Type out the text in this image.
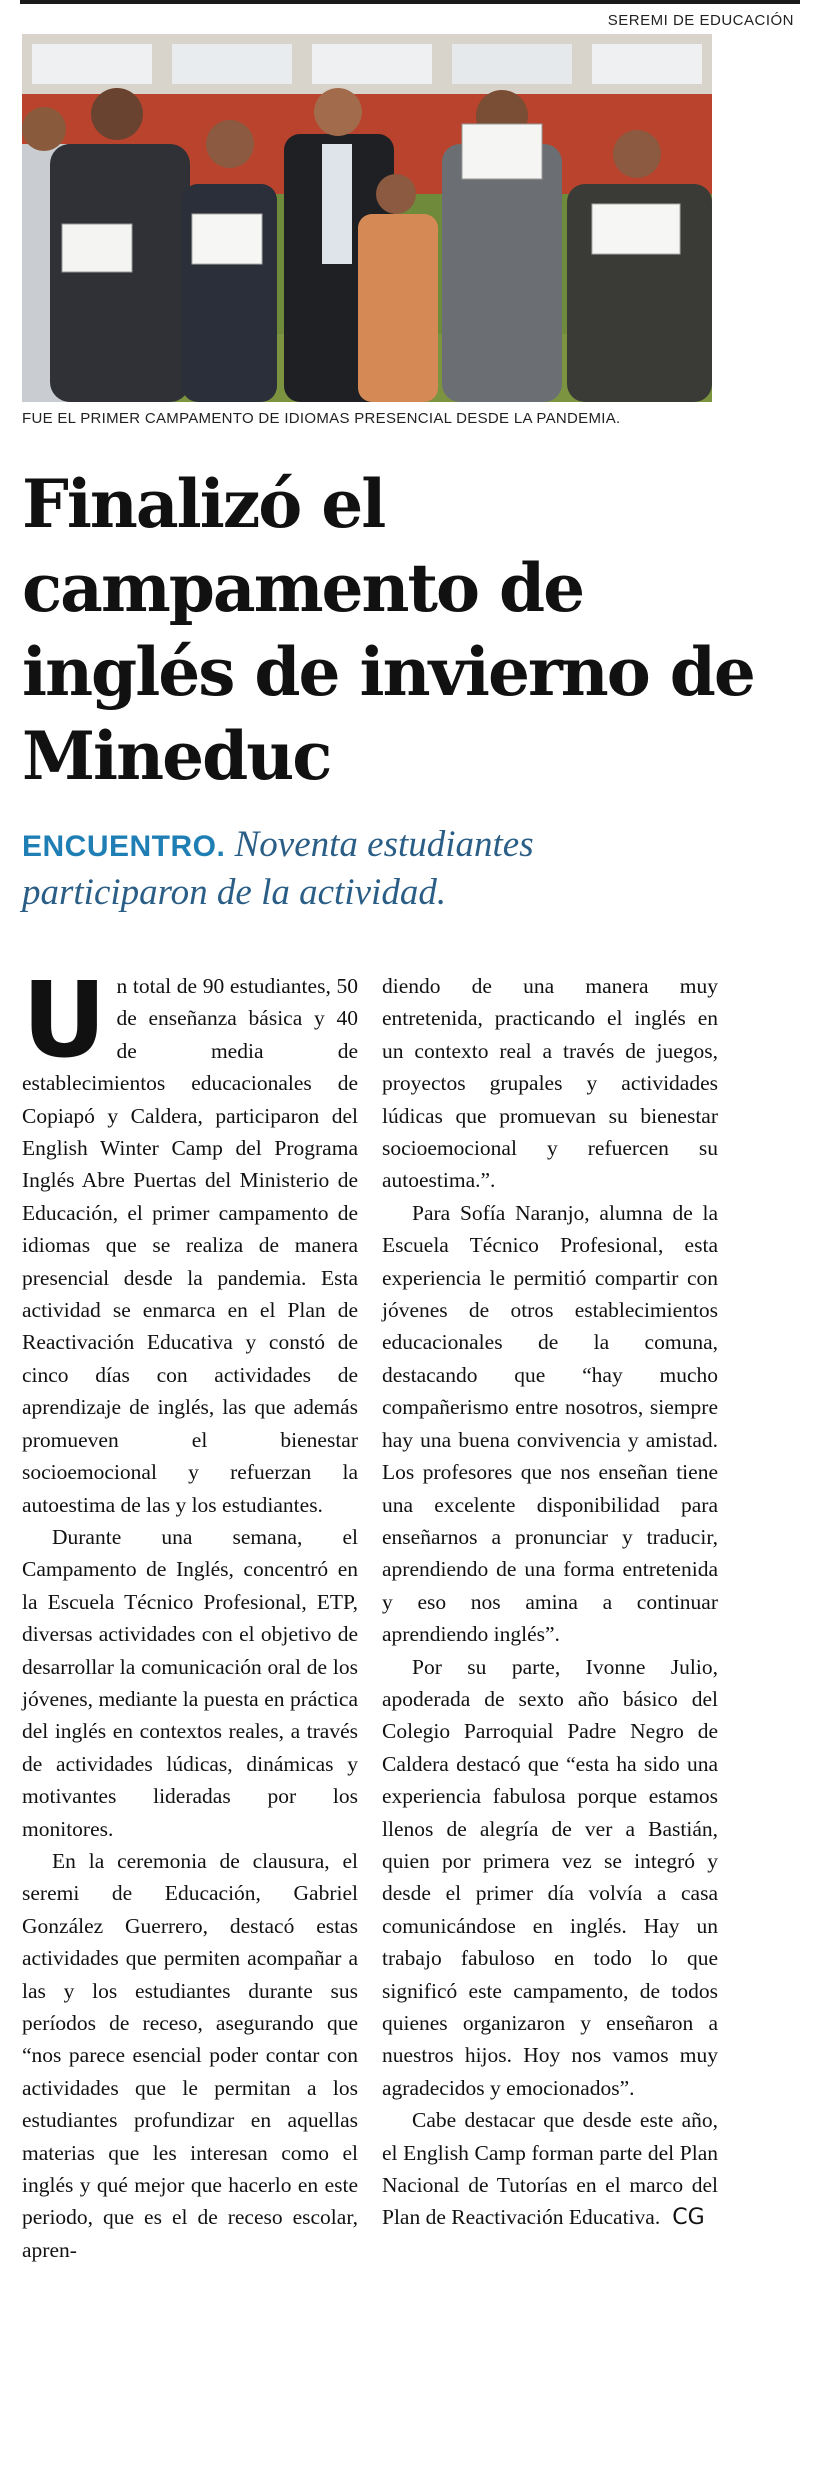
SEREMI DE EDUCACIÓN
FUE EL PRIMER CAMPAMENTO DE IDIOMAS PRESENCIAL DESDE LA PANDEMIA.
Finalizó el campamento de inglés de invierno de Mineduc
ENCUENTRO. Noventa estudiantes participaron de la actividad.

Un total de 90 estudiantes, 50 de enseñanza básica y 40 de media de establecimientos educacionales de Copiapó y Caldera, participaron del English Winter Camp del Programa Inglés Abre Puertas del Ministerio de Educación, el primer campamento de idiomas que se realiza de manera presencial desde la pandemia. Esta actividad se enmarca en el Plan de Reactivación Educativa y constó de cinco días con actividades de aprendizaje de inglés, las que además promueven el bienestar socioemocional y refuerzan la autoestima de las y los estudiantes.

Durante una semana, el Campamento de Inglés, concentró en la Escuela Técnico Profesional, ETP, diversas actividades con el objetivo de desarrollar la comunicación oral de los jóvenes, mediante la puesta en práctica del inglés en contextos reales, a través de actividades lúdicas, dinámicas y motivantes lideradas por los monitores.

En la ceremonia de clausura, el seremi de Educación, Gabriel González Guerrero, destacó estas actividades que permiten acompañar a las y los estudiantes durante sus períodos de receso, asegurando que “nos parece esencial poder contar con actividades que le permitan a los estudiantes profundizar en aquellas materias que les interesan como el inglés y qué mejor que hacerlo en este periodo, que es el de receso escolar, apren-

diendo de una manera muy entretenida, practicando el inglés en un contexto real a través de juegos, proyectos grupales y actividades lúdicas que promuevan su bienestar socioemocional y refuercen su autoestima.”.

Para Sofía Naranjo, alumna de la Escuela Técnico Profesional, esta experiencia le permitió compartir con jóvenes de otros establecimientos educacionales de la comuna, destacando que “hay mucho compañerismo entre nosotros, siempre hay una buena convivencia y amistad. Los profesores que nos enseñan tiene una excelente disponibilidad para enseñarnos a pronunciar y traducir, aprendiendo de una forma entretenida y eso nos amina a continuar aprendiendo inglés”.

Por su parte, Ivonne Julio, apoderada de sexto año básico del Colegio Parroquial Padre Negro de Caldera destacó que “esta ha sido una experiencia fabulosa porque estamos llenos de alegría de ver a Bastián, quien por primera vez se integró y desde el primer día volvía a casa comunicándose en inglés. Hay un trabajo fabuloso en todo lo que significó este campamento, de todos quienes organizaron y enseñaron a nuestros hijos. Hoy nos vamos muy agradecidos y emocionados”.

Cabe destacar que desde este año, el English Camp forman parte del Plan Nacional de Tutorías en el marco del Plan de Reactivación Educativa. CG
